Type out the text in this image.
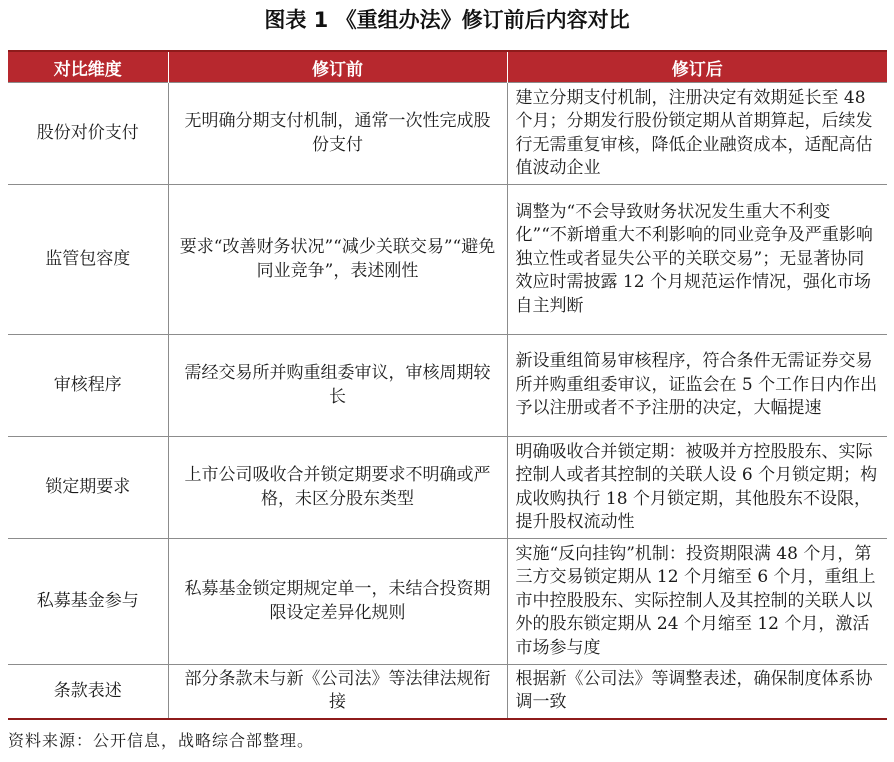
图表 1 《重组办法》修订前后内容对比
对比维度	修订前	修订后
股份对价支付	无明确分期支付机制，通常一次性完成股份支付	建立分期支付机制，注册决定有效期延长至 48 个月；分期发行股份锁定期从首期算起，后续发行无需重复审核，降低企业融资成本，适配高估值波动企业
监管包容度	要求“改善财务状况”“减少关联交易”“避免同业竞争”，表述刚性	调整为“不会导致财务状况发生重大不利变化”“不新增重大不利影响的同业竞争及严重影响独立性或者显失公平的关联交易”；无显著协同效应时需披露 12 个月规范运作情况，强化市场自主判断
审核程序	需经交易所并购重组委审议，审核周期较长	新设重组简易审核程序，符合条件无需证券交易所并购重组委审议，证监会在 5 个工作日内作出予以注册或者不予注册的决定，大幅提速
锁定期要求	上市公司吸收合并锁定期要求不明确或严格，未区分股东类型	明确吸收合并锁定期：被吸并方控股股东、实际控制人或者其控制的关联人设 6 个月锁定期；构成收购执行 18 个月锁定期，其他股东不设限，提升股权流动性
私募基金参与	私募基金锁定期规定单一，未结合投资期限设定差异化规则	实施“反向挂钩”机制：投资期限满 48 个月，第三方交易锁定期从 12 个月缩至 6 个月，重组上市中控股股东、实际控制人及其控制的关联人以外的股东锁定期从 24 个月缩至 12 个月，激活市场参与度
条款表述	部分条款未与新《公司法》等法律法规衔接	根据新《公司法》等调整表述，确保制度体系协调一致
资料来源：公开信息，战略综合部整理。
